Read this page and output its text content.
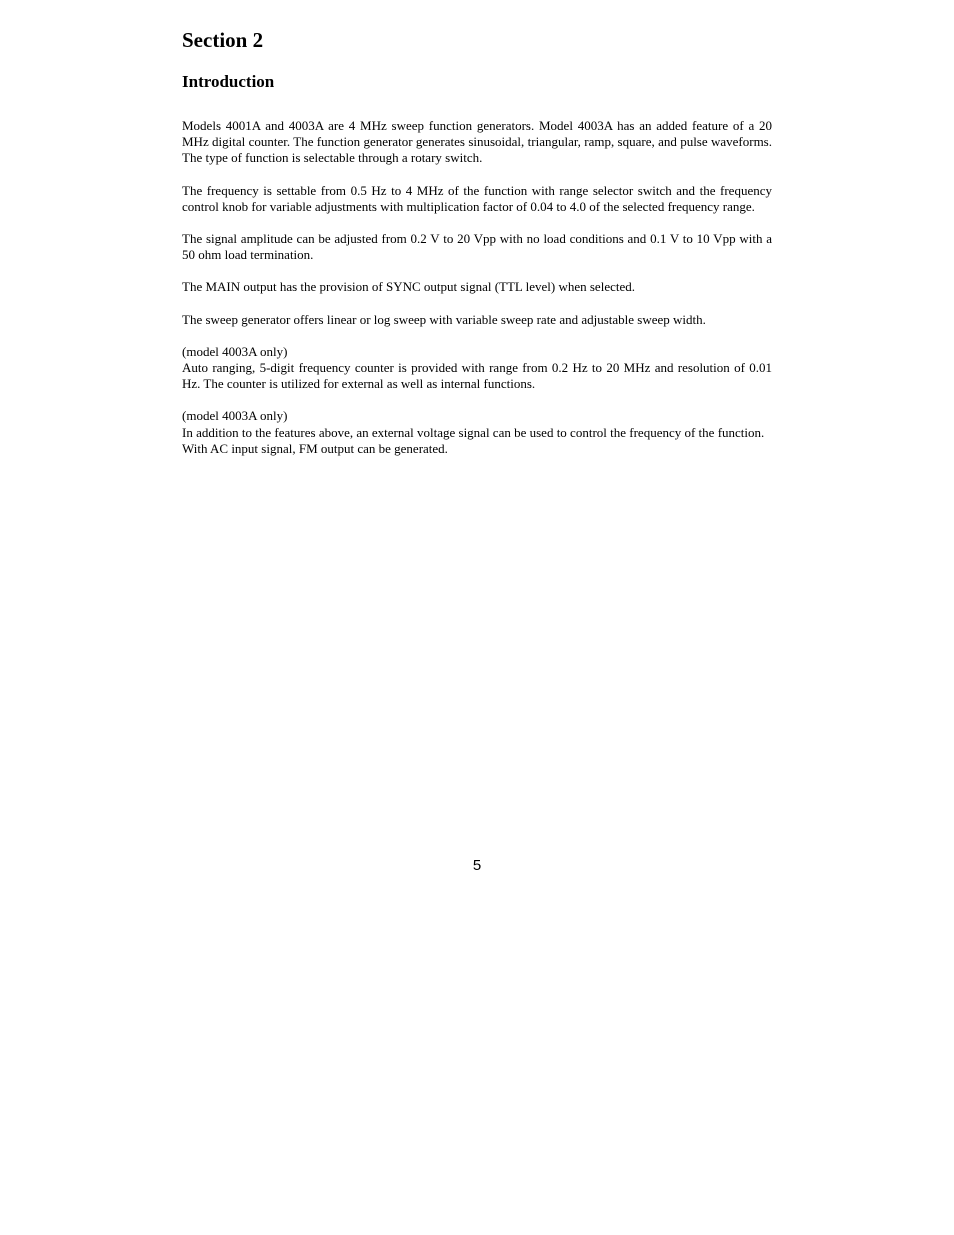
Section 2
Introduction

Models 4001A and 4003A are 4 MHz sweep function generators. Model 4003A has an added feature of a 20 MHz digital counter. The function generator generates sinusoidal, triangular, ramp, square, and pulse waveforms. The type of function is selectable through a rotary switch.

The frequency is settable from 0.5 Hz to 4 MHz of the function with range selector switch and the frequency control knob for variable adjustments with multiplication factor of 0.04 to 4.0 of the selected frequency range.

The signal amplitude can be adjusted from 0.2 V to 20 Vpp with no load conditions and 0.1 V to 10 Vpp with a 50 ohm load termination.

The MAIN output has the provision of SYNC output signal (TTL level) when selected.

The sweep generator offers linear or log sweep with variable sweep rate and adjustable sweep width.

(model 4003A only)
Auto ranging, 5-digit frequency counter is provided with range from 0.2 Hz to 20 MHz and resolution of 0.01 Hz. The counter is utilized for external as well as internal functions.

(model 4003A only)
In addition to the features above, an external voltage signal can be used to control the frequency of the function. With AC input signal, FM output can be generated.

5
